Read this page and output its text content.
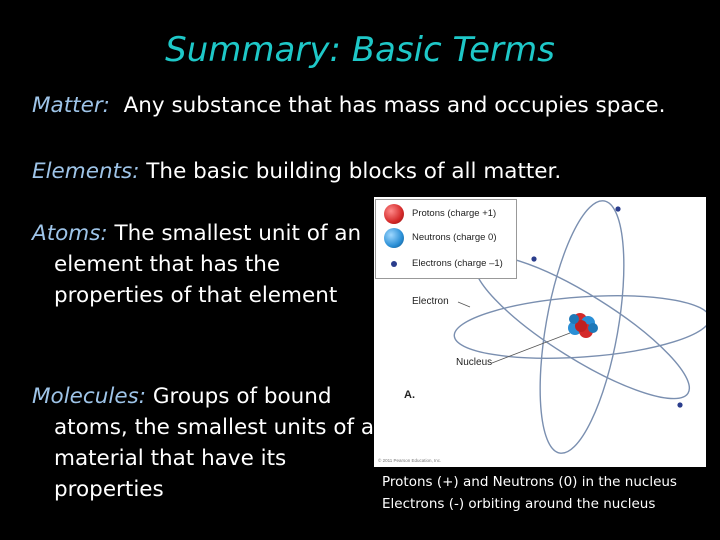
Summary: Basic Terms
Matter:  Any substance that has mass and occupies space.
Elements: The basic building blocks of all matter.
Atoms: The smallest unit of an element that has the properties of that element
Molecules: Groups of bound atoms, the smallest units of a material that have its properties
Protons (charge +1)
Neutrons (charge 0)
Electrons (charge –1)
Electron
Nucleus
A.
© 2011 Pearson Education, Inc.
Protons (+) and Neutrons (0) in the nucleus
Electrons (-) orbiting around the nucleus
